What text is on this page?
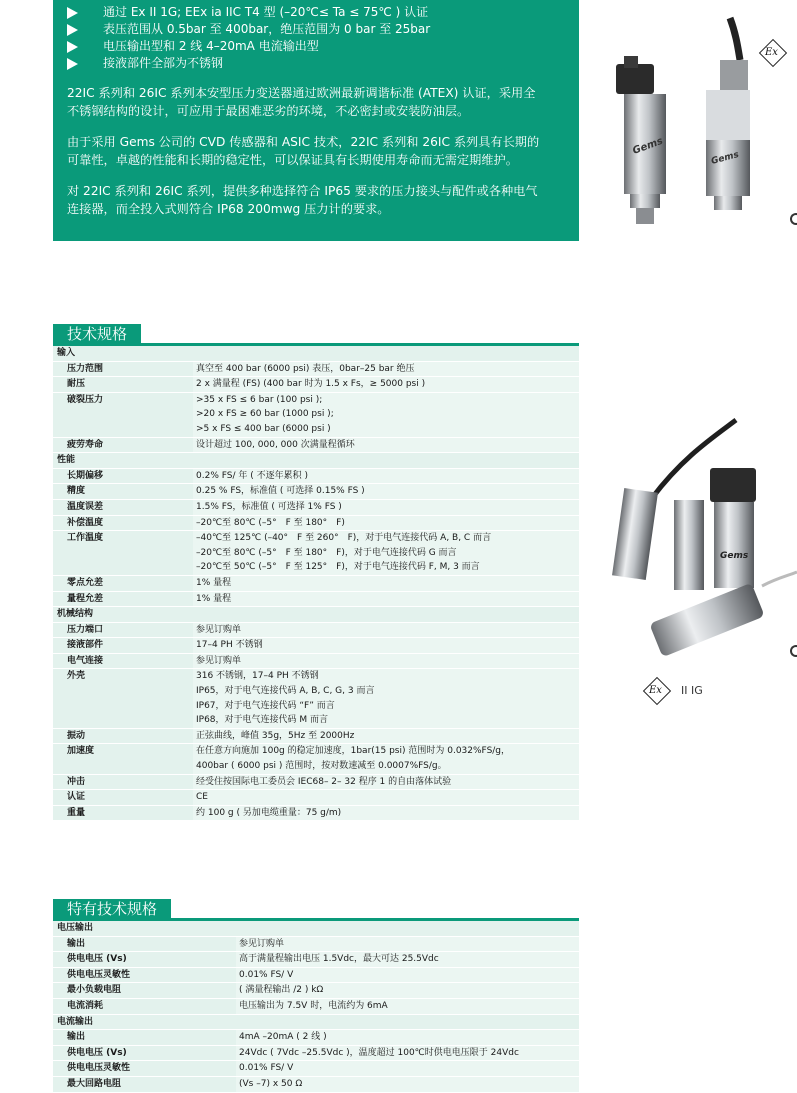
通过 Ex II 1G; EEx ia IIC T4 型 (–20℃≤ Ta ≤ 75℃ ) 认证
表压范围从 0.5bar 至 400bar，绝压范围为 0 bar 至 25bar
电压输出型和 2 线 4–20mA 电流输出型
接液部件全部为不锈钢

22IC 系列和 26IC 系列本安型压力变送器通过欧洲最新调谐标准 (ATEX) 认证，采用全
不锈钢结构的设计，可应用于最困难恶劣的环境，不必密封或安装防油层。

由于采用 Gems 公司的 CVD 传感器和 ASIC 技术，22IC 系列和 26IC 系列具有长期的
可靠性，卓越的性能和长期的稳定性，可以保证具有长期使用寿命而无需定期维护。

对 22IC 系列和 26IC 系列，提供多种选择符合 IP65 要求的压力接头与配件或各种电气
连接器，而全投入式则符合 IP68 200mwg 压力计的要求。

Gems
Gems
Ex
技术规格
输入	
压力范围	真空至 400 bar (6000 psi) 表压，0bar–25 bar 绝压

耐压	2 x 满量程 (FS) (400 bar 时为 1.5 x Fs，≥ 5000 psi )

破裂压力	>35 x FS ≤ 6 bar (100 psi );
>20 x FS ≥ 60 bar (1000 psi );
>5 x FS ≤ 400 bar (6000 psi )

疲劳寿命	设计超过 100, 000, 000 次满量程循环

性能	
长期偏移	0.2% FS/ 年 ( 不逐年累积 )

精度	0.25 % FS，标准值 ( 可选择 0.15% FS )

温度误差	1.5% FS，标准值 ( 可选择 1% FS )

补偿温度	–20℃至 80℃ (–5°　F 至 180°　F)

工作温度	–40℃至 125℃ (–40°　F 至 260°　F)，对于电气连接代码 A, B, C 而言
–20℃至 80℃ (–5°　F 至 180°　F)，对于电气连接代码 G 而言
–20℃至 50℃ (–5°　F 至 125°　F)，对于电气连接代码 F, M, 3 而言

零点允差	1% 量程

量程允差	1% 量程

机械结构	
压力端口	参见订购单

接液部件	17–4 PH 不锈钢

电气连接	参见订购单

外壳	316 不锈钢，17–4 PH 不锈钢
IP65，对于电气连接代码 A, B, C, G, 3 而言
IP67，对于电气连接代码 “F” 而言
IP68，对于电气连接代码 M 而言

振动	正弦曲线，峰值 35g，5Hz 至 2000Hz

加速度	在任意方向施加 100g 的稳定加速度，1bar(15 psi) 范围时为 0.032%FS/g，
400bar ( 6000 psi ) 范围时，按对数速减至 0.0007%FS/g。

冲击	经受住按国际电工委员会 IEC68– 2– 32 程序 1 的自由落体试验

认证	CE

重量	约 100 g ( 另加电缆重量：75 g/m)
Gems
Ex II IG
特有技术规格
电压输出	
输出	参见订购单

供电电压 (Vs)	高于满量程输出电压 1.5Vdc，最大可达 25.5Vdc

供电电压灵敏性	0.01% FS/ V

最小负载电阻	( 满量程输出 /2 ) kΩ

电流消耗	电压输出为 7.5V 时，电流约为 6mA

电流输出	
输出	4mA –20mA ( 2 线 )

供电电压 (Vs)	24Vdc ( 7Vdc –25.5Vdc )，温度超过 100℃时供电电压限于 24Vdc

供电电压灵敏性	0.01% FS/ V

最大回路电阻	(Vs –7) x 50 Ω
